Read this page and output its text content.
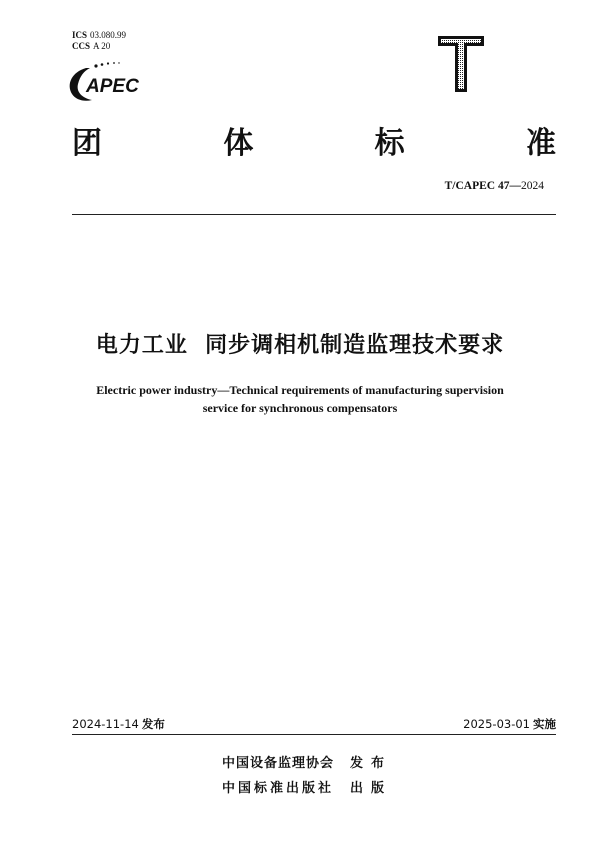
ICS 03.080.99
CCS A 20
APEC
团	体	标	准
T/CAPEC 47—2024
电力工业  同步调相机制造监理技术要求
Electric power industry—Technical requirements of manufacturing supervision
service for synchronous compensators
2024-11-14 发布	2025-03-01 实施
中国设备监理协会	发布
中国标准出版社	出版
